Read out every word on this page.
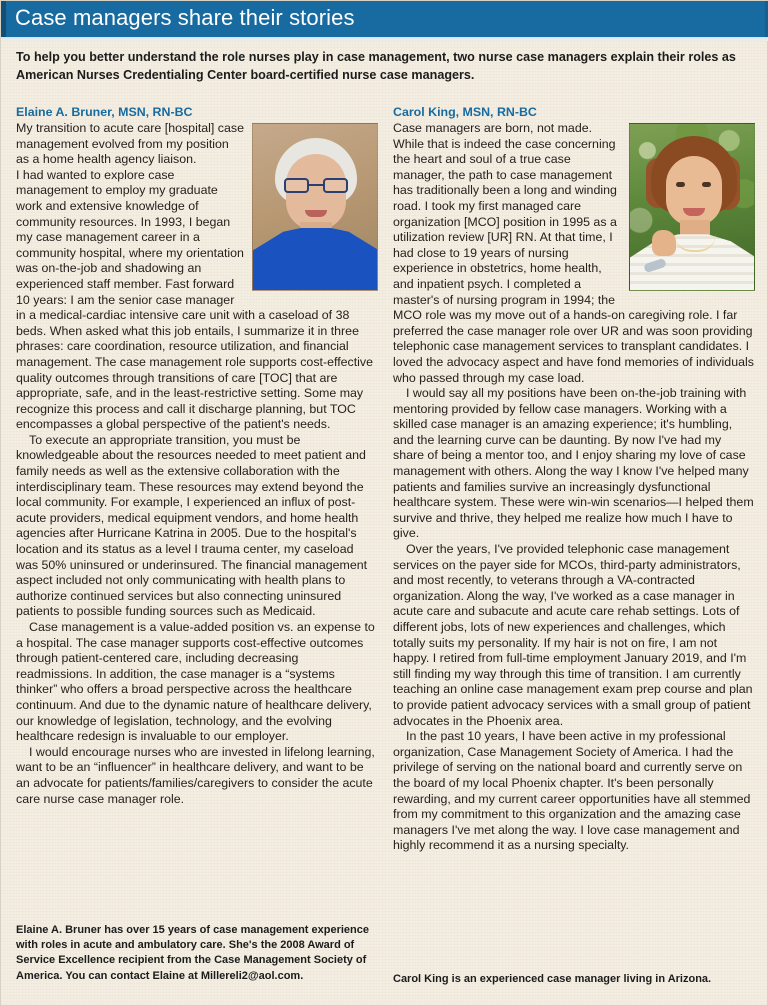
Case managers share their stories
To help you better understand the role nurses play in case management, two nurse case managers explain their roles as American Nurses Credentialing Center board-certified nurse case managers.
Elaine A. Bruner, MSN, RN-BC

My transition to acute care [hospital] case management evolved from my position as a home health agency liaison.

I had wanted to explore case management to employ my graduate work and extensive knowledge of community resources. In 1993, I began my case management career in a community hospital, where my orientation was on-the-job and shadowing an experienced staff member. Fast forward 10 years: I am the senior case manager in a medical-cardiac intensive care unit with a caseload of 38 beds. When asked what this job entails, I summarize it in three phrases: care coordination, resource utilization, and financial management. The case management role supports cost-effective quality outcomes through transitions of care [TOC] that are appropriate, safe, and in the least-restrictive setting. Some may recognize this process and call it discharge planning, but TOC encompasses a global perspective of the patient's needs.

To execute an appropriate transition, you must be knowledgeable about the resources needed to meet patient and family needs as well as the extensive collaboration with the interdisciplinary team. These resources may extend beyond the local community. For example, I experienced an influx of post-acute providers, medical equipment vendors, and home health agencies after Hurricane Katrina in 2005. Due to the hospital's location and its status as a level I trauma center, my caseload was 50% uninsured or underinsured. The financial management aspect included not only communicating with health plans to authorize continued services but also connecting uninsured patients to possible funding sources such as Medicaid.

Case management is a value-added position vs. an expense to a hospital. The case manager supports cost-effective outcomes through patient-centered care, including decreasing readmissions. In addition, the case manager is a “systems thinker” who offers a broad perspective across the healthcare continuum. And due to the dynamic nature of healthcare delivery, our knowledge of legislation, technology, and the evolving healthcare redesign is invaluable to our employer.

I would encourage nurses who are invested in lifelong learning, want to be an “influencer” in healthcare delivery, and want to be an advocate for patients/families/caregivers to consider the acute care nurse case manager role.

Carol King, MSN, RN-BC

Case managers are born, not made. While that is indeed the case concerning the heart and soul of a true case manager, the path to case management has traditionally been a long and winding road. I took my first managed care organization [MCO] position in 1995 as a utilization review [UR] RN. At that time, I had close to 19 years of nursing experience in obstetrics, home health, and inpatient psych. I completed a master's of nursing program in 1994; the MCO role was my move out of a hands-on caregiving role. I far preferred the case manager role over UR and was soon providing telephonic case management services to transplant candidates. I loved the advocacy aspect and have fond memories of individuals who passed through my case load.

I would say all my positions have been on-the-job training with mentoring provided by fellow case managers. Working with a skilled case manager is an amazing experience; it's humbling, and the learning curve can be daunting. By now I've had my share of being a mentor too, and I enjoy sharing my love of case management with others. Along the way I know I've helped many patients and families survive an increasingly dysfunctional healthcare system. These were win-win scenarios—I helped them survive and thrive, they helped me realize how much I have to give.

Over the years, I've provided telephonic case management services on the payer side for MCOs, third-party administrators, and most recently, to veterans through a VA-contracted organization. Along the way, I've worked as a case manager in acute care and subacute and acute care rehab settings. Lots of different jobs, lots of new experiences and challenges, which totally suits my personality. If my hair is not on fire, I am not happy. I retired from full-time employment January 2019, and I'm still finding my way through this time of transition. I am currently teaching an online case management exam prep course and plan to provide patient advocacy services with a small group of patient advocates in the Phoenix area.

In the past 10 years, I have been active in my professional organization, Case Management Society of America. I had the privilege of serving on the national board and currently serve on the board of my local Phoenix chapter. It's been personally rewarding, and my current career opportunities have all stemmed from my commitment to this organization and the amazing case managers I've met along the way. I love case management and highly recommend it as a nursing specialty.

Elaine A. Bruner has over 15 years of case management experience with roles in acute and ambulatory care. She's the 2008 Award of Service Excellence recipient from the Case Management Society of America. You can contact Elaine at Millereli2@aol.com.	Carol King is an experienced case manager living in Arizona.
